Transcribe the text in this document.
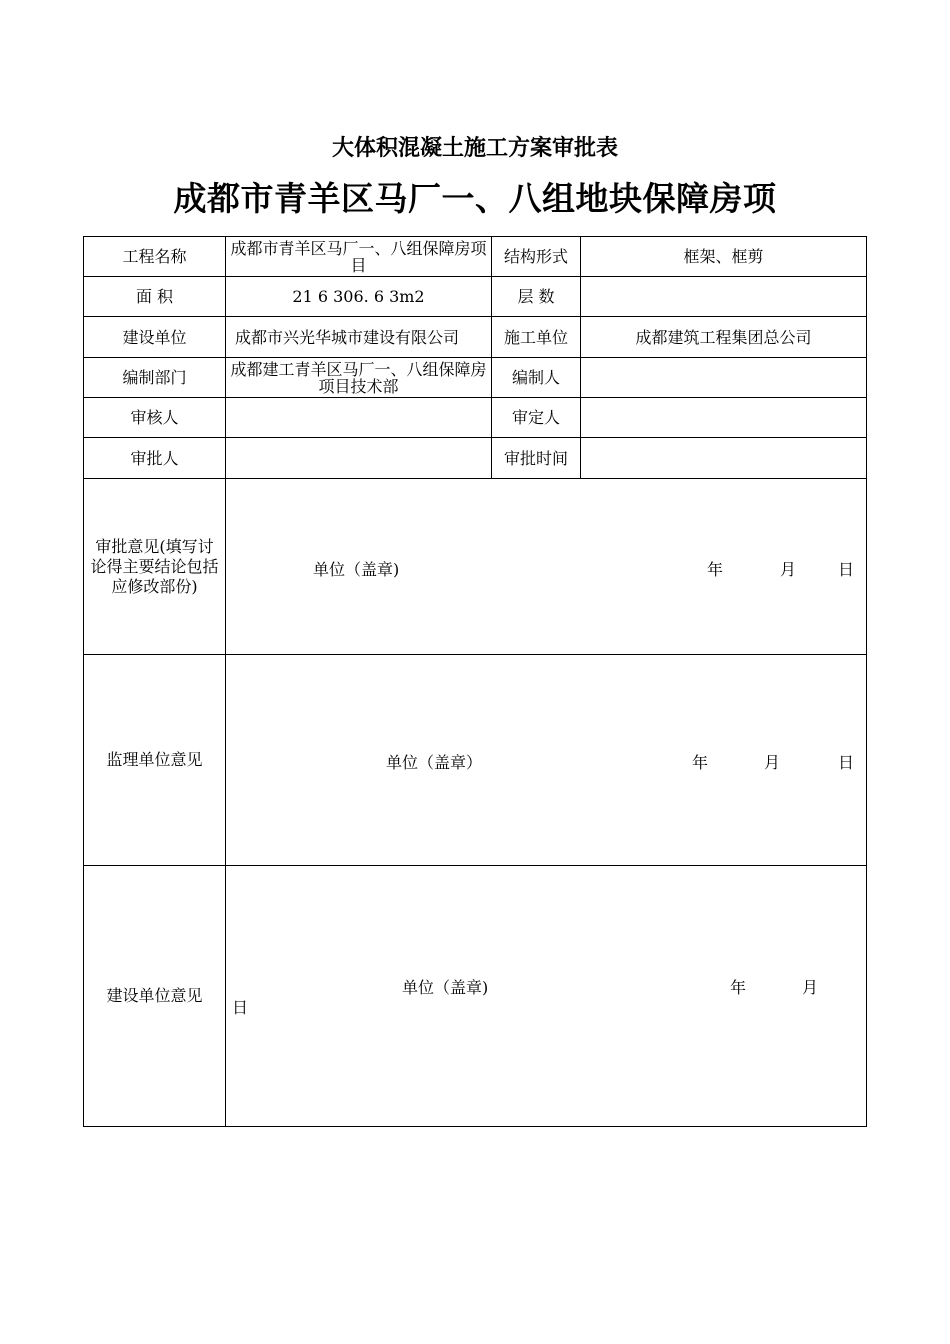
大体积混凝土施工方案审批表
成都市青羊区马厂一、八组地块保障房项
工程名称	成都市青羊区马厂一、八组保障房项目	结构形式	框架、框剪
面 积	21 6 306. 6 3m2	层 数	
建设单位	成都市兴光华城市建设有限公司	施工单位	成都建筑工程集团总公司
编制部门	成都建工青羊区马厂一、八组保障房项目技术部	编制人	
审核人		审定人	
审批人		审批时间	
审批意见(填写讨论得主要结论包括应修改部份)	单位（盖章) 年 月 日		

监理单位意见	单位（盖章） 年 月 日		

建设单位意见	单位（盖章) 年 月
日		
